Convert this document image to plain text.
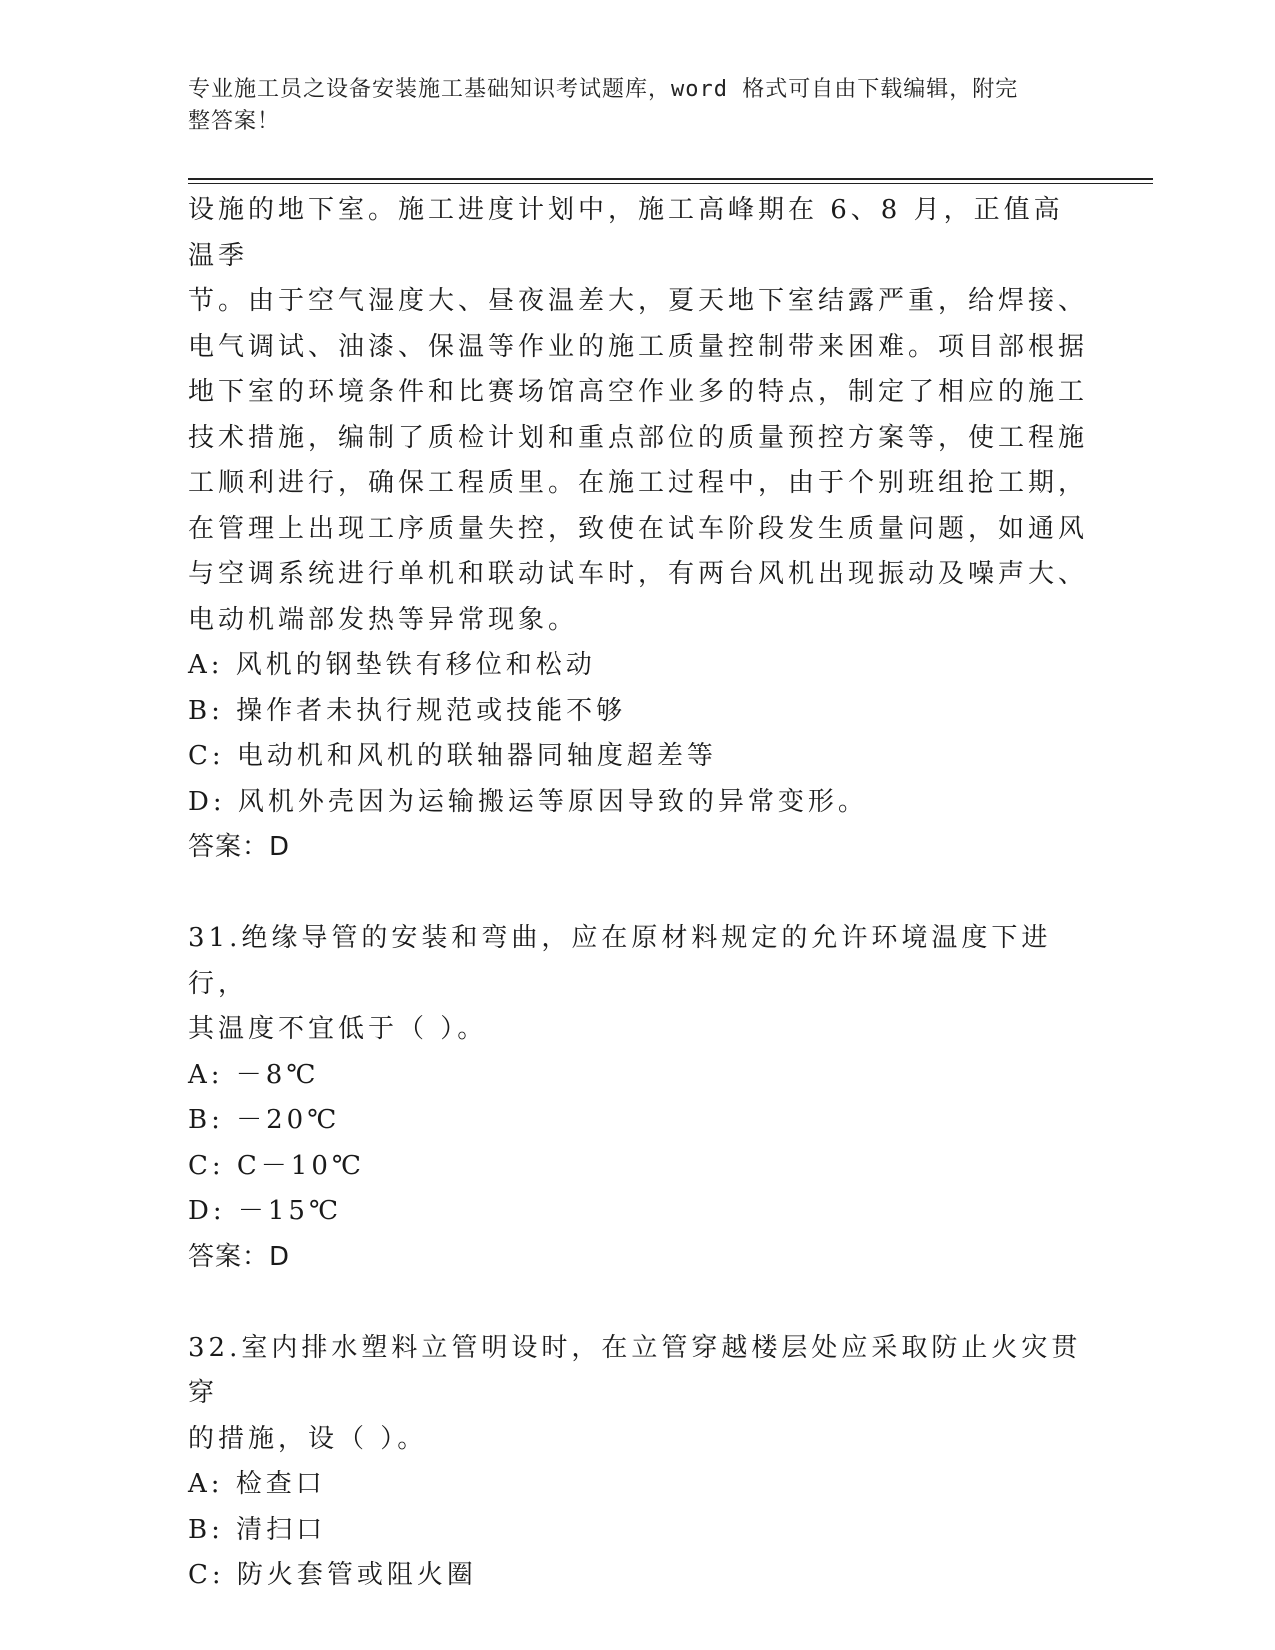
专业施工员之设备安装施工基础知识考试题库，word 格式可自由下载编辑，附完
整答案！

设施的地下室。施工进度计划中，施工高峰期在 6、8 月，正值高温季

节。由于空气湿度大、昼夜温差大，夏天地下室结露严重，给焊接、

电气调试、油漆、保温等作业的施工质量控制带来困难。项目部根据

地下室的环境条件和比赛场馆高空作业多的特点，制定了相应的施工

技术措施，编制了质检计划和重点部位的质量预控方案等，使工程施

工顺利进行，确保工程质里。在施工过程中，由于个别班组抢工期，

在管理上出现工序质量失控，致使在试车阶段发生质量问题，如通风

与空调系统进行单机和联动试车时，有两台风机出现振动及噪声大、

电动机端部发热等异常现象。

A: 风机的钢垫铁有移位和松动

B: 操作者未执行规范或技能不够

C: 电动机和风机的联轴器同轴度超差等

D: 风机外壳因为运输搬运等原因导致的异常变形。

答案：D

31.绝缘导管的安装和弯曲，应在原材料规定的允许环境温度下进行，

其温度不宜低于（ ）。

A: －8℃

B: －20℃

C: C－10℃

D: －15℃

答案：D

32.室内排水塑料立管明设时，在立管穿越楼层处应采取防止火灾贯穿

的措施，设（ ）。

A: 检查口

B: 清扫口

C: 防火套管或阻火圈
